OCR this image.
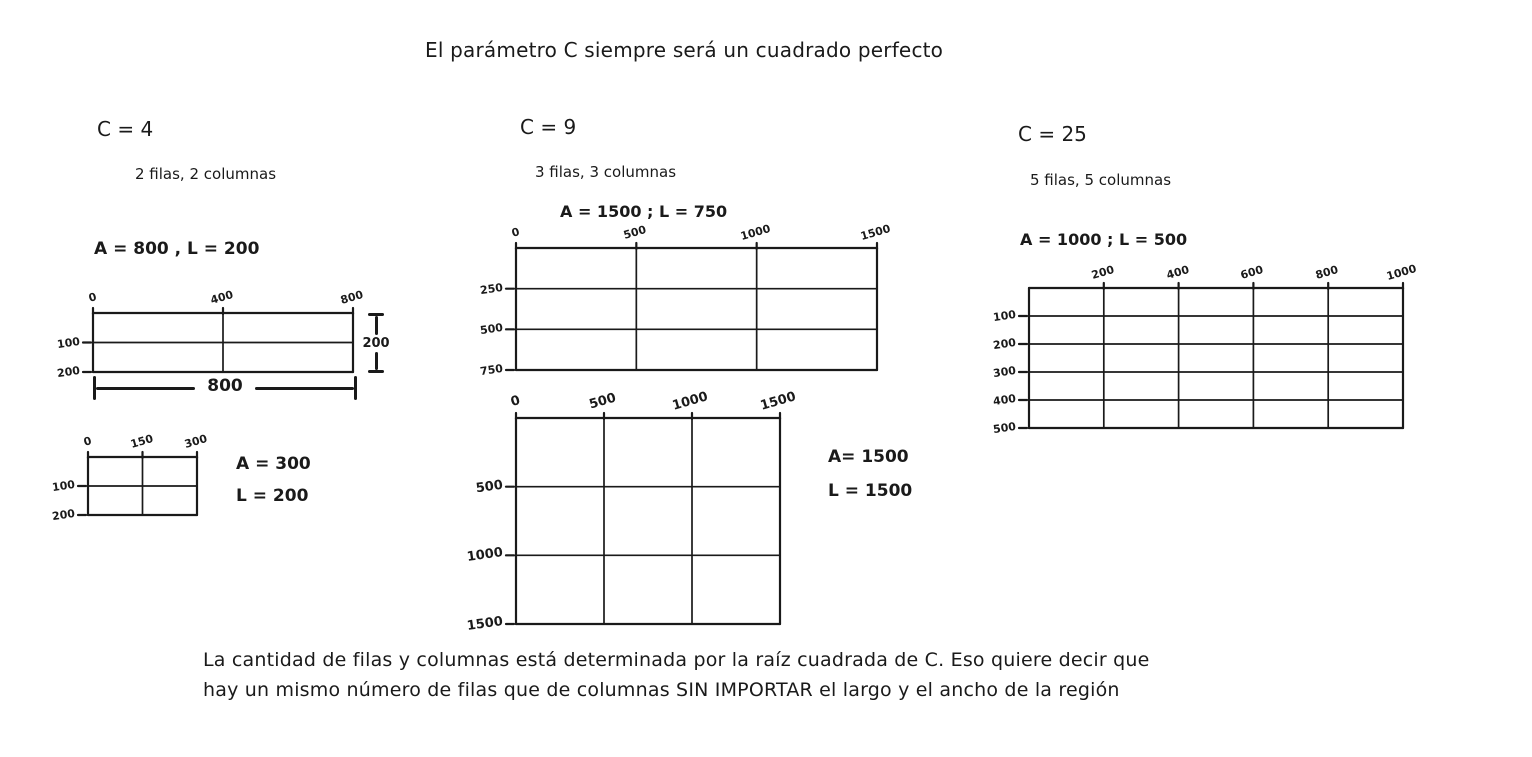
El parámetro C siempre será un cuadrado perfecto
C = 4
2 filas, 2 columnas
A = 800 , L = 200
0	400	800
100
200
800
200
0	150	300
100
200
A = 300
L = 200
C = 9
3 filas, 3 columnas
A = 1500 ; L = 750
0	500	1000	1500
250
500
750
0	500	1000	1500
500
1000
1500
A= 1500
L = 1500
C = 25
5 filas, 5 columnas
A = 1000 ; L = 500
200	400	600	800	1000
100
200
300
400
500
La cantidad de filas y columnas está determinada por la raíz cuadrada de C. Eso quiere decir que
hay un mismo número de filas que de columnas SIN IMPORTAR el largo y el ancho de la región
